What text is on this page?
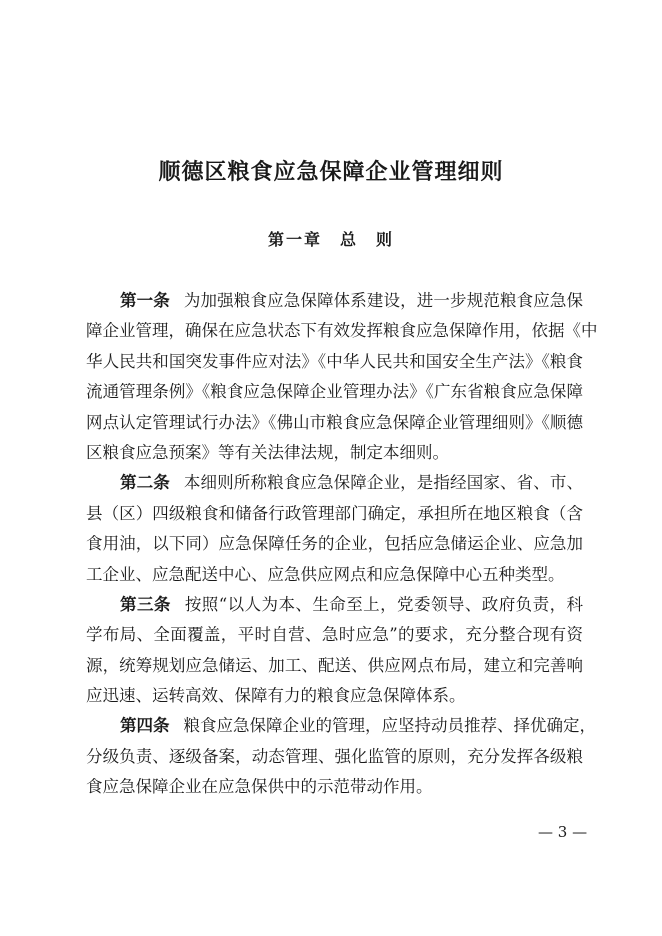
顺德区粮食应急保障企业管理细则
第一章　总　则
第一条 为加强粮食应急保障体系建设，进一步规范粮食应急保
障企业管理，确保在应急状态下有效发挥粮食应急保障作用，依据《中
华人民共和国突发事件应对法》《中华人民共和国安全生产法》《粮食
流通管理条例》《粮食应急保障企业管理办法》《广东省粮食应急保障
网点认定管理试行办法》《佛山市粮食应急保障企业管理细则》《顺德
区粮食应急预案》等有关法律法规，制定本细则。
第二条 本细则所称粮食应急保障企业，是指经国家、省、市、
县（区）四级粮食和储备行政管理部门确定，承担所在地区粮食（含
食用油，以下同）应急保障任务的企业，包括应急储运企业、应急加
工企业、应急配送中心、应急供应网点和应急保障中心五种类型。
第三条 按照“以人为本、生命至上，党委领导、政府负责，科
学布局、全面覆盖，平时自营、急时应急”的要求，充分整合现有资
源，统筹规划应急储运、加工、配送、供应网点布局，建立和完善响
应迅速、运转高效、保障有力的粮食应急保障体系。
第四条 粮食应急保障企业的管理，应坚持动员推荐、择优确定，
分级负责、逐级备案，动态管理、强化监管的原则，充分发挥各级粮
食应急保障企业在应急保供中的示范带动作用。
— 3 —
